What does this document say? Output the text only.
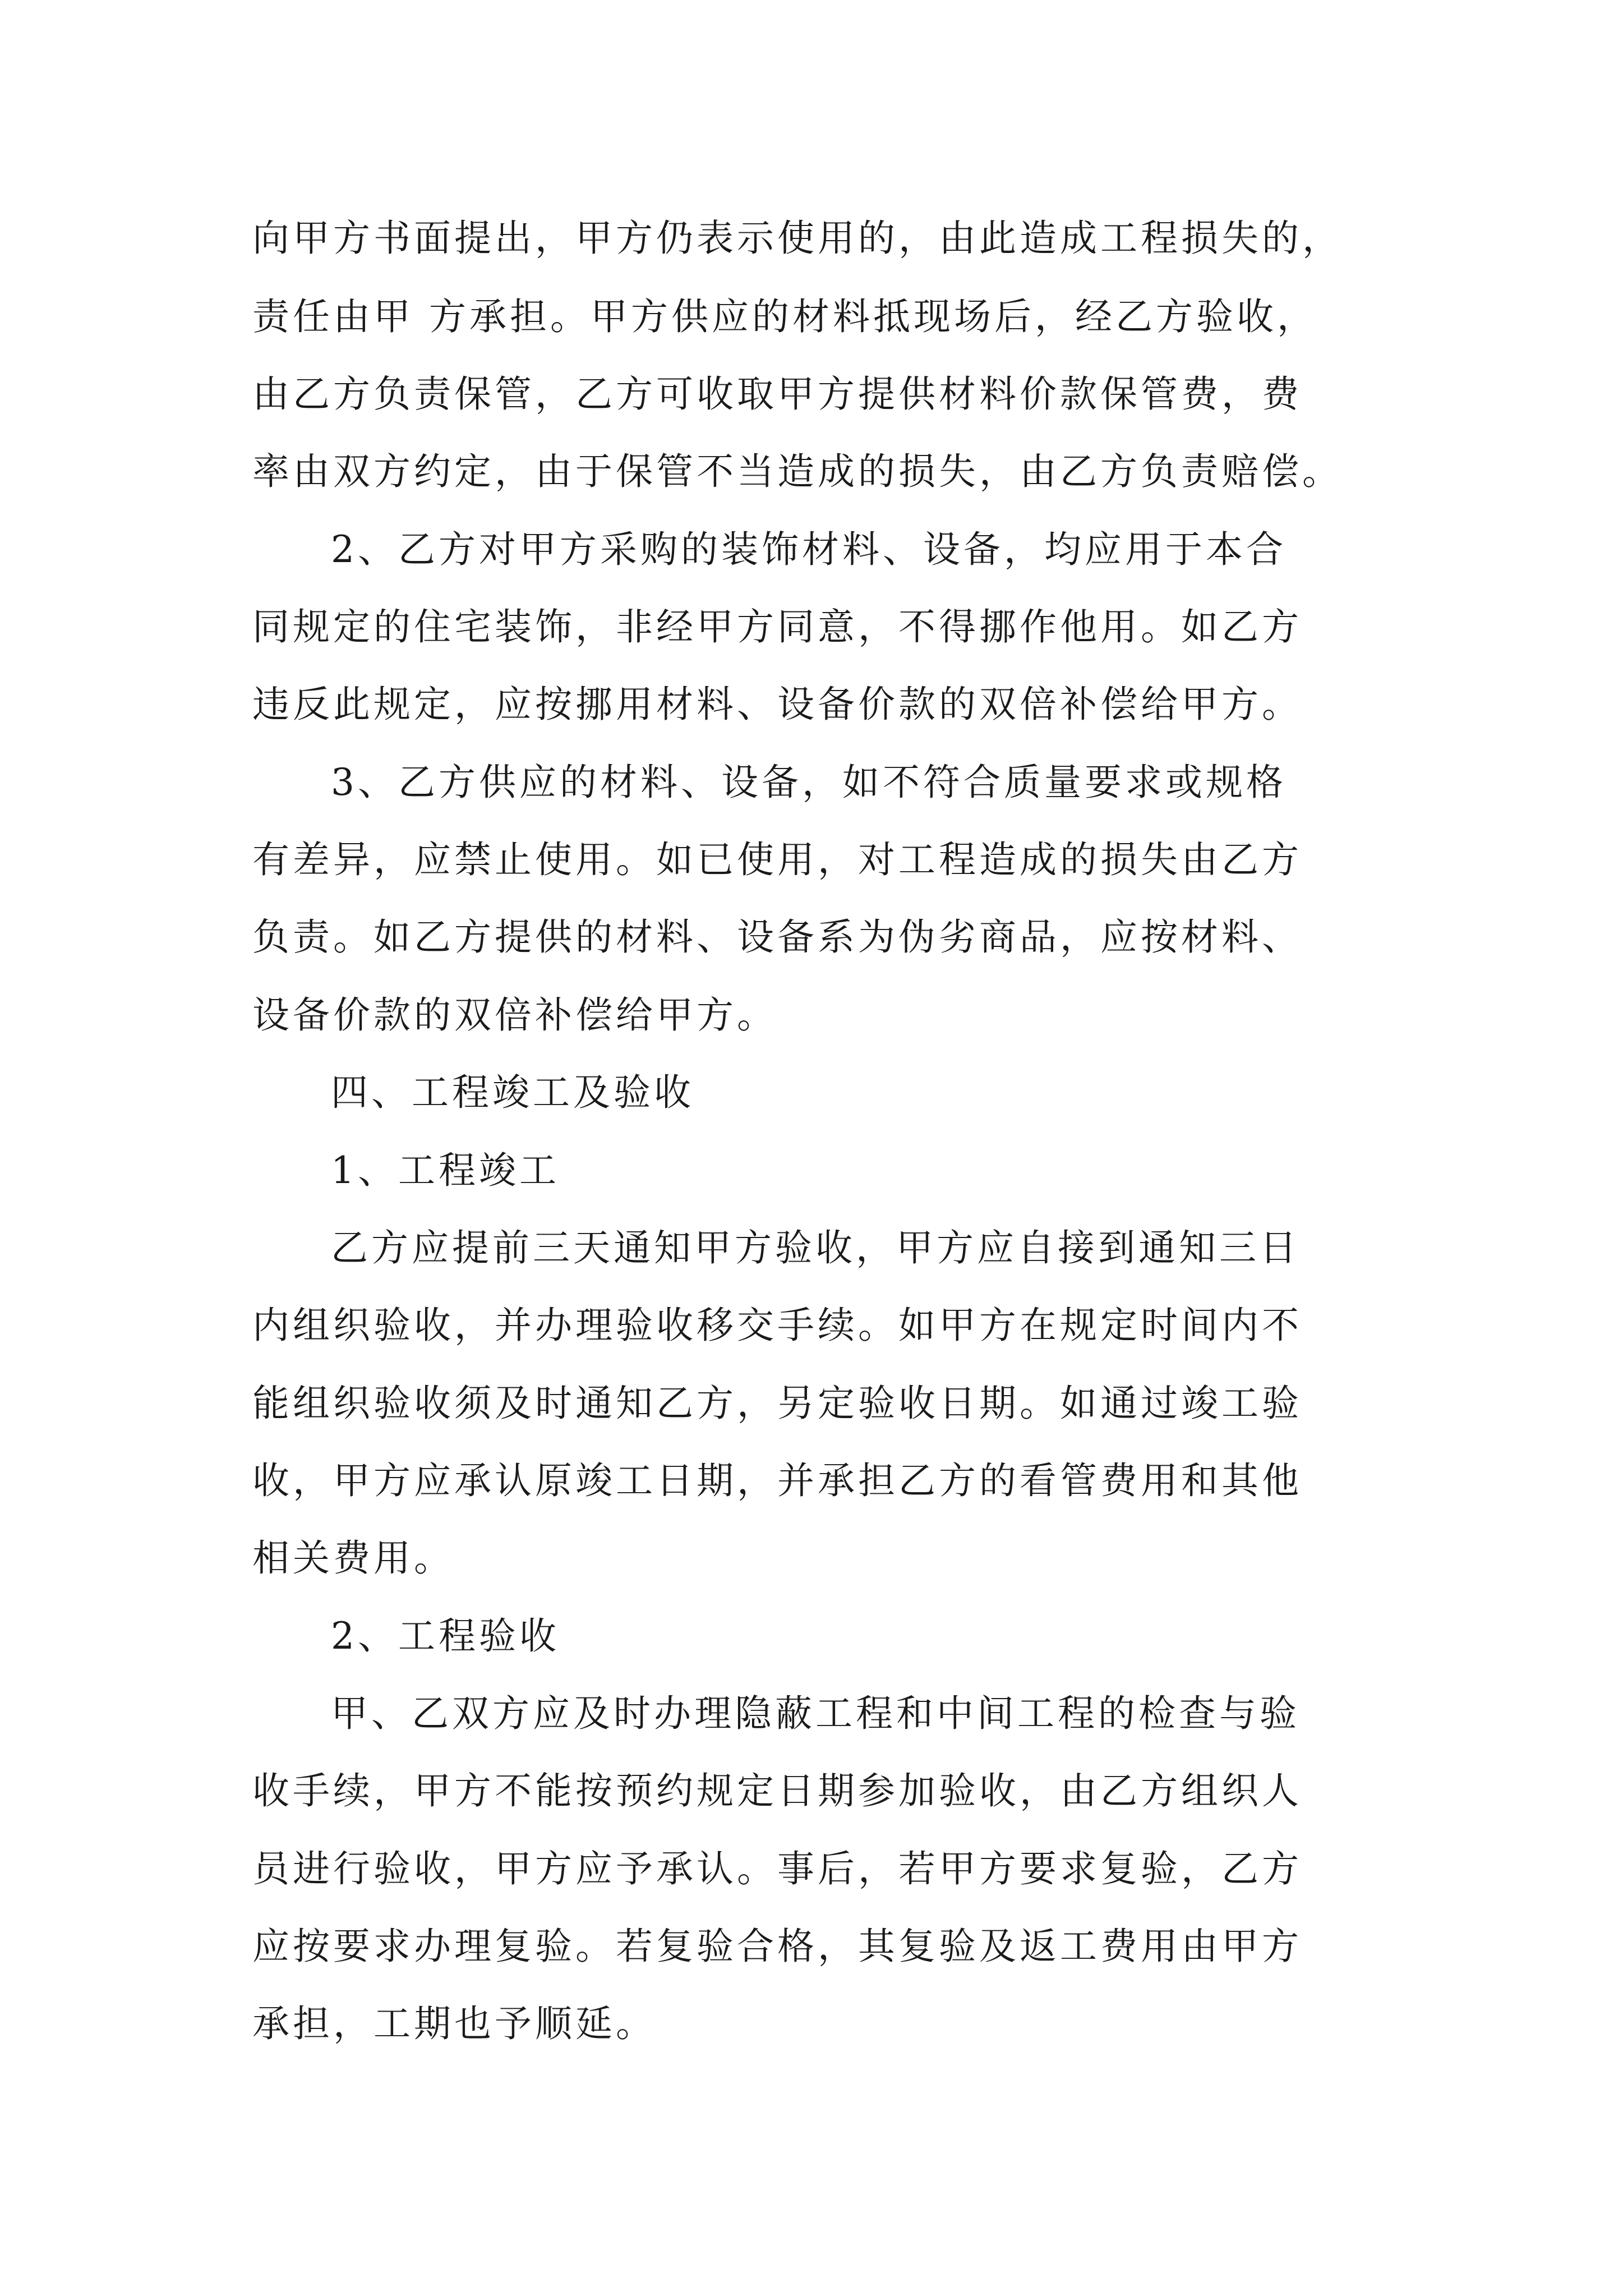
向甲方书面提出，甲方仍表示使用的，由此造成工程损失的，
责任由甲 方承担。甲方供应的材料抵现场后，经乙方验收，
由乙方负责保管，乙方可收取甲方提供材料价款保管费，费
率由双方约定，由于保管不当造成的损失，由乙方负责赔偿。
2、乙方对甲方采购的装饰材料、设备，均应用于本合
同规定的住宅装饰，非经甲方同意，不得挪作他用。如乙方
违反此规定，应按挪用材料、设备价款的双倍补偿给甲方。
3、乙方供应的材料、设备，如不符合质量要求或规格
有差异，应禁止使用。如已使用，对工程造成的损失由乙方
负责。如乙方提供的材料、设备系为伪劣商品，应按材料、
设备价款的双倍补偿给甲方。
四、工程竣工及验收
1、工程竣工
乙方应提前三天通知甲方验收，甲方应自接到通知三日
内组织验收，并办理验收移交手续。如甲方在规定时间内不
能组织验收须及时通知乙方，另定验收日期。如通过竣工验
收，甲方应承认原竣工日期，并承担乙方的看管费用和其他
相关费用。
2、工程验收
甲、乙双方应及时办理隐蔽工程和中间工程的检查与验
收手续，甲方不能按预约规定日期参加验收，由乙方组织人
员进行验收，甲方应予承认。事后，若甲方要求复验，乙方
应按要求办理复验。若复验合格，其复验及返工费用由甲方
承担，工期也予顺延。
